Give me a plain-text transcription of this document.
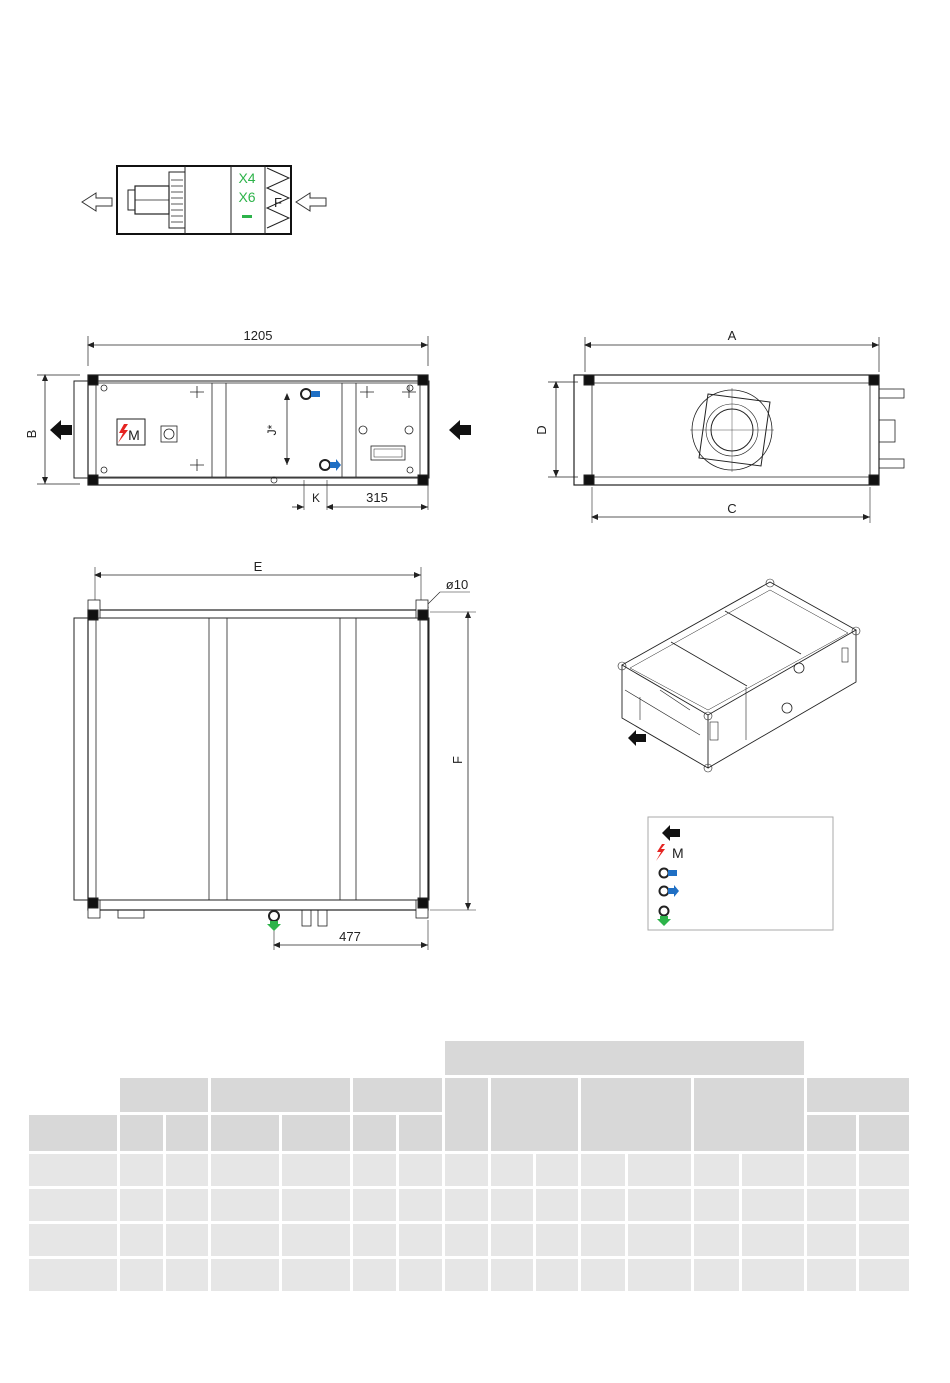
X4
X6 F
1205
B	J*
K	315
M
A
D
C
E
ø10
F
477
M
